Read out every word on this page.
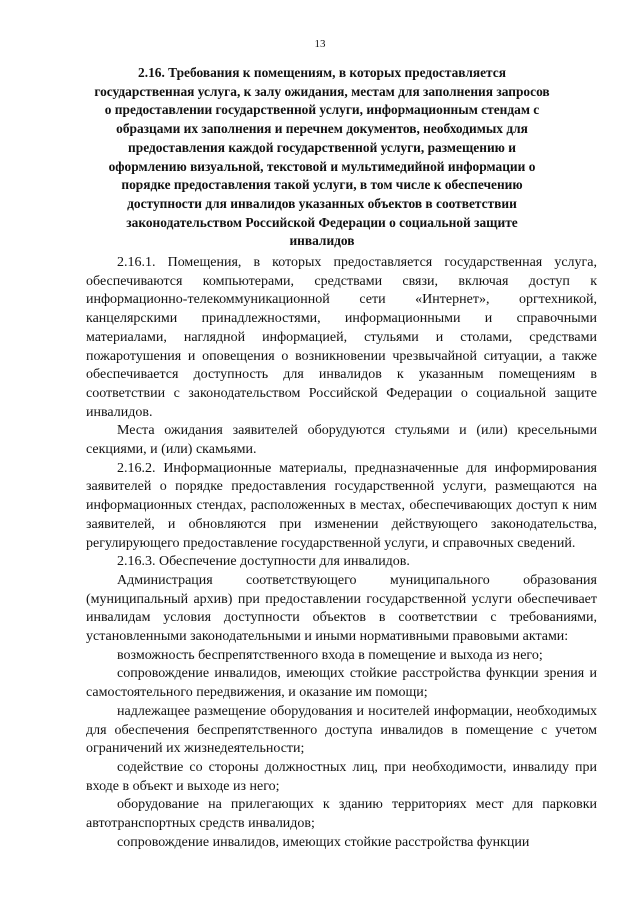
13
2.16. Требования к помещениям, в которых предоставляется государственная услуга, к залу ожидания, местам для заполнения запросов о предоставлении государственной услуги, информационным стендам с образцами их заполнения и перечнем документов, необходимых для предоставления каждой государственной услуги, размещению и оформлению визуальной, текстовой и мультимедийной информации о порядке предоставления такой услуги, в том числе к обеспечению доступности для инвалидов указанных объектов в соответствии законодательством Российской Федерации о социальной защите инвалидов

2.16.1. Помещения, в которых предоставляется государственная услуга, обеспечиваются компьютерами, средствами связи, включая доступ к информационно-телекоммуникационной сети «Интернет», оргтехникой, канцелярскими принадлежностями, информационными и справочными материалами, наглядной информацией, стульями и столами, средствами пожаротушения и оповещения о возникновении чрезвычайной ситуации, а также обеспечивается доступность для инвалидов к указанным помещениям в соответствии с законодательством Российской Федерации о социальной защите инвалидов.

Места ожидания заявителей оборудуются стульями и (или) кресельными секциями, и (или) скамьями.

2.16.2. Информационные материалы, предназначенные для информирования заявителей о порядке предоставления государственной услуги, размещаются на информационных стендах, расположенных в местах, обеспечивающих доступ к ним заявителей, и обновляются при изменении действующего законодательства, регулирующего предоставление государственной услуги, и справочных сведений.

2.16.3. Обеспечение доступности для инвалидов.

Администрация соответствующего муниципального образования (муниципальный архив) при предоставлении государственной услуги обеспечивает инвалидам условия доступности объектов в соответствии с требованиями, установленными законодательными и иными нормативными правовыми актами:

возможность беспрепятственного входа в помещение и выхода из него;

сопровождение инвалидов, имеющих стойкие расстройства функции зрения и самостоятельного передвижения, и оказание им помощи;

надлежащее размещение оборудования и носителей информации, необходимых для обеспечения беспрепятственного доступа инвалидов в помещение с учетом ограничений их жизнедеятельности;

содействие со стороны должностных лиц, при необходимости, инвалиду при входе в объект и выходе из него;

оборудование на прилегающих к зданию территориях мест для парковки автотранспортных средств инвалидов;

сопровождение инвалидов, имеющих стойкие расстройства функции
